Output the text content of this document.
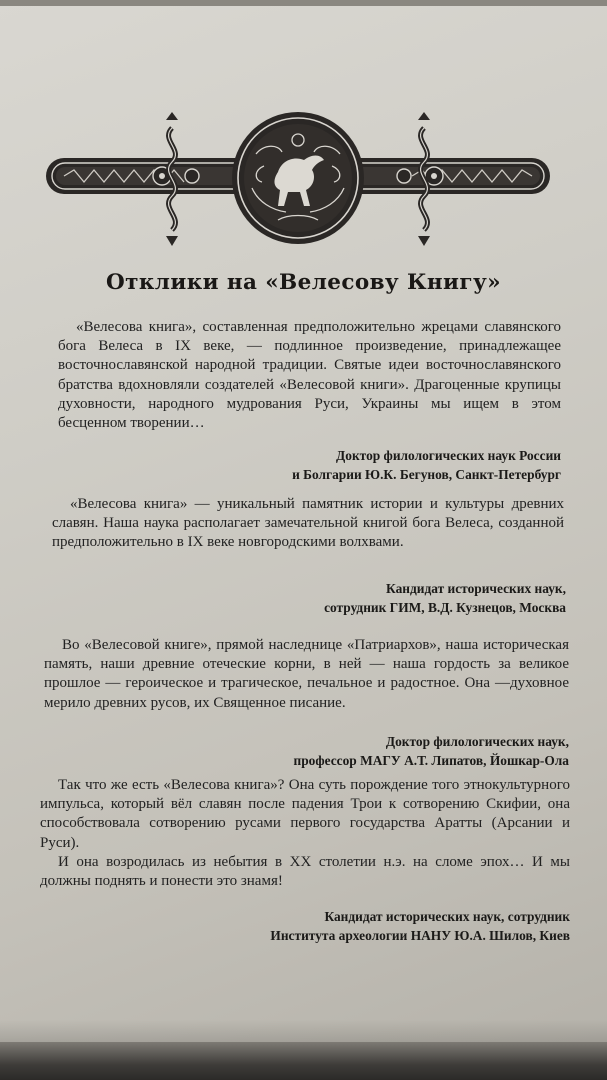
Отклики на «Велесову Книгу»

«Велесова книга», составленная предположительно жрецами славянского бога Велеса в IX веке, — подлинное произведение, принадлежащее восточнославянской народной традиции. Святые идеи восточнославянского братства вдохновляли создателей «Велесовой книги». Драгоценные крупицы духовности, народного мудрования Руси, Украины мы ищем в этом бесценном творении…

Доктор филологических наук России
и Болгарии Ю.К. Бегунов, Санкт-Петербург

«Велесова книга» — уникальный памятник истории и культуры древних славян. Наша наука располагает замечательной книгой бога Велеса, созданной предположительно в IX веке новгородскими волхвами.

Кандидат исторических наук,
сотрудник ГИМ, В.Д. Кузнецов, Москва

Во «Велесовой книге», прямой наследнице «Патриархов», наша историческая память, наши древние отеческие корни, в ней — наша гордость за великое прошлое — героическое и трагическое, печальное и радостное. Она —духовное мерило древних русов, их Священное писание.

Доктор филологических наук,
профессор МАГУ А.Т. Липатов, Йошкар-Ола

Так что же есть «Велесова книга»? Она суть порождение того этнокультурного импульса, который вёл славян после падения Трои к сотворению Скифии, она способствовала сотворению русами первого государства Аратты (Арсании и Руси).

И она возродилась из небытия в XX столетии н.э. на сломе эпох… И мы должны поднять и понести это знамя!

Кандидат исторических наук, сотрудник
Института археологии НАНУ Ю.А. Шилов, Киев
